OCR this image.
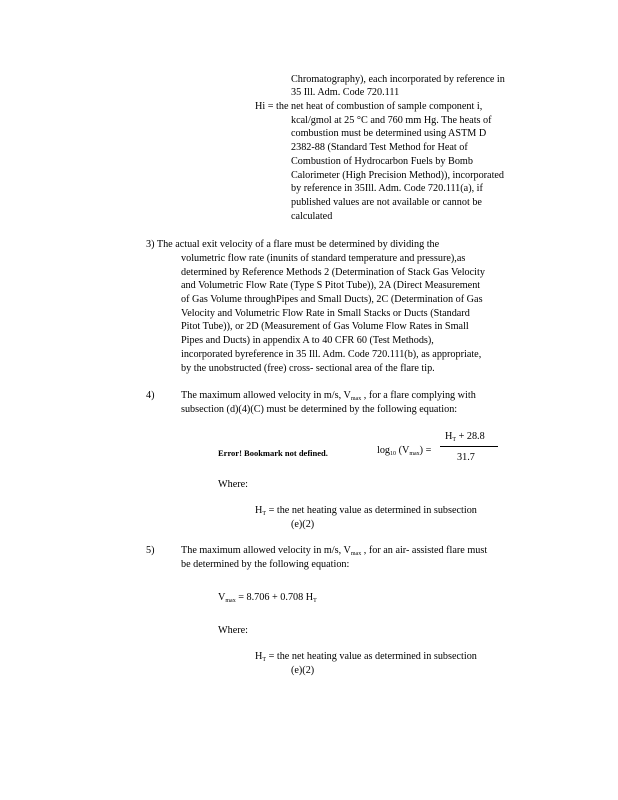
Chromatography), each incorporated by reference in
35 Ill. Adm. Code 720.111
Hi = the net heat of combustion of sample component i,
kcal/gmol at 25 °C and 760 mm Hg. The heats of
combustion must be determined using ASTM D
2382-88 (Standard Test Method for Heat of
Combustion of Hydrocarbon Fuels by Bomb
Calorimeter (High Precision Method)), incorporated
by reference in 35Ill. Adm. Code 720.111(a), if
published values are not available or cannot be
calculated
3) The actual exit velocity of a flare must be determined by dividing the
volumetric flow rate (inunits of standard temperature and pressure),as
determined by Reference Methods 2 (Determination of Stack Gas Velocity
and Volumetric Flow Rate (Type S Pitot Tube)), 2A (Direct Measurement
of Gas Volume throughPipes and Small Ducts), 2C (Determination of Gas
Velocity and Volumetric Flow Rate in Small Stacks or Ducts (Standard
Pitot Tube)), or 2D (Measurement of Gas Volume Flow Rates in Small
Pipes and Ducts) in appendix A to 40 CFR 60 (Test Methods),
incorporated byreference in 35 Ill. Adm. Code 720.111(b), as appropriate,
by the unobstructed (free) cross- sectional area of the flare tip.
4)	The maximum allowed velocity in m/s, $V_{max}$ , for a flare complying with
subsection (d)(4)(C) must be determined by the following equation:
Error! Bookmark not defined.	$\log_{10} (V_{max})$ =
$H_T + 28.8$
31.7
Where:
$H_T$ = the net heating value as determined in subsection
(e)(2)
5)	The maximum allowed velocity in m/s, $V_{max}$ , for an air- assisted flare must
be determined by the following equation:
$V_{max} = 8.706 + 0.708$ $H_T$
Where:
$H_T$ = the net heating value as determined in subsection
(e)(2)
